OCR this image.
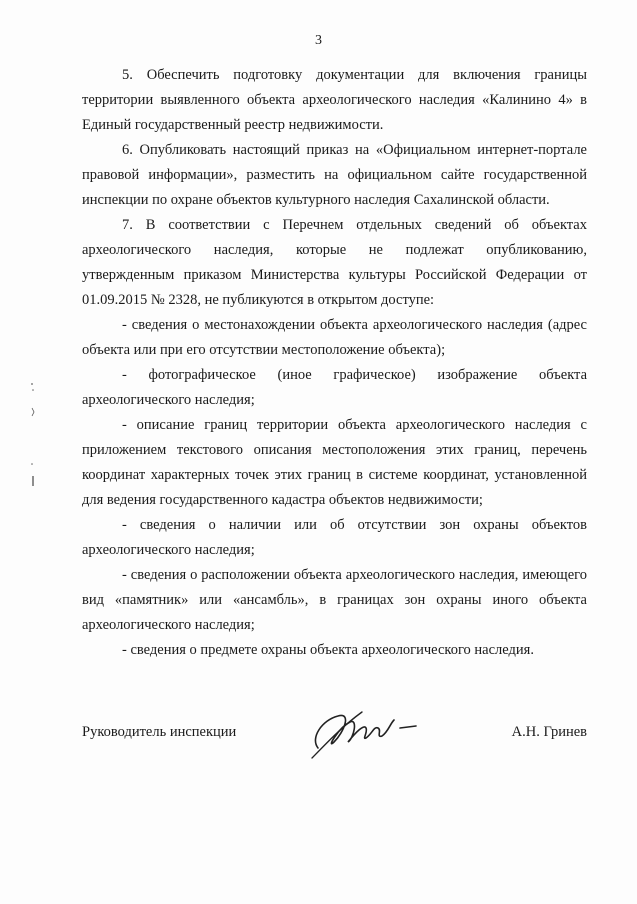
3

5. Обеспечить подготовку документации для включения границы территории выявленного объекта археологического наследия «Калинино 4» в Единый государственный реестр недвижимости.

6. Опубликовать настоящий приказ на «Официальном интернет-портале правовой информации», разместить на официальном сайте государственной инспекции по охране объектов культурного наследия Сахалинской области.

7. В соответствии с Перечнем отдельных сведений об объектах археологического наследия, которые не подлежат опубликованию, утвержденным приказом Министерства культуры Российской Федерации от 01.09.2015 № 2328, не публикуются в открытом доступе:

- сведения о местонахождении объекта археологического наследия (адрес объекта или при его отсутствии местоположение объекта);

- фотографическое (иное графическое) изображение объекта археологического наследия;

- описание границ территории объекта археологического наследия с приложением текстового описания местоположения этих границ, перечень координат характерных точек этих границ в системе координат, установленной для ведения государственного кадастра объектов недвижимости;

- сведения о наличии или об отсутствии зон охраны объектов археологического наследия;

- сведения о расположении объекта археологического наследия, имеющего вид «памятник» или «ансамбль», в границах зон охраны иного объекта археологического наследия;

- сведения о предмете охраны объекта археологического наследия.

Руководитель инспекции	А.Н. Гринев
